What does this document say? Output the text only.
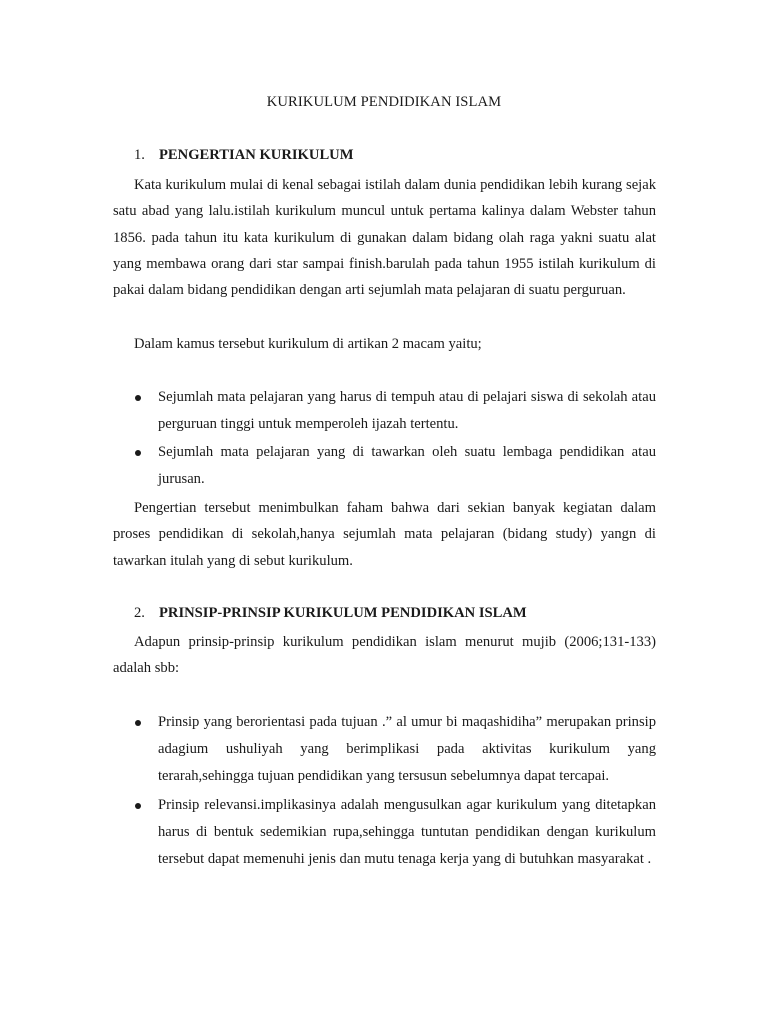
KURIKULUM PENDIDIKAN ISLAM
1. PENGERTIAN KURIKULUM

Kata kurikulum mulai di kenal sebagai istilah dalam dunia pendidikan lebih kurang sejak satu abad yang lalu.istilah kurikulum muncul untuk pertama kalinya dalam Webster tahun 1856. pada tahun itu kata kurikulum di gunakan dalam bidang olah raga yakni suatu alat yang membawa orang dari star sampai finish.barulah pada tahun 1955 istilah kurikulum di pakai dalam bidang pendidikan dengan arti sejumlah mata pelajaran di suatu perguruan.

Dalam kamus tersebut kurikulum di artikan 2 macam yaitu;

Sejumlah mata pelajaran yang harus di tempuh atau di pelajari siswa di sekolah atau perguruan tinggi untuk memperoleh ijazah tertentu.
Sejumlah mata pelajaran yang di tawarkan oleh suatu lembaga pendidikan atau jurusan.

Pengertian tersebut menimbulkan faham bahwa dari sekian banyak kegiatan dalam proses pendidikan di sekolah,hanya sejumlah mata pelajaran (bidang study) yangn di tawarkan itulah yang di sebut kurikulum.

2. PRINSIP-PRINSIP KURIKULUM PENDIDIKAN ISLAM

Adapun prinsip-prinsip kurikulum pendidikan islam menurut mujib (2006;131-133) adalah sbb:

Prinsip yang berorientasi pada tujuan .” al umur bi maqashidiha” merupakan prinsip adagium ushuliyah yang berimplikasi pada aktivitas kurikulum yang terarah,sehingga tujuan pendidikan yang tersusun sebelumnya dapat tercapai.
Prinsip relevansi.implikasinya adalah mengusulkan agar kurikulum yang ditetapkan harus di bentuk sedemikian rupa,sehingga tuntutan pendidikan dengan kurikulum tersebut dapat memenuhi jenis dan mutu tenaga kerja yang di butuhkan masyarakat .
